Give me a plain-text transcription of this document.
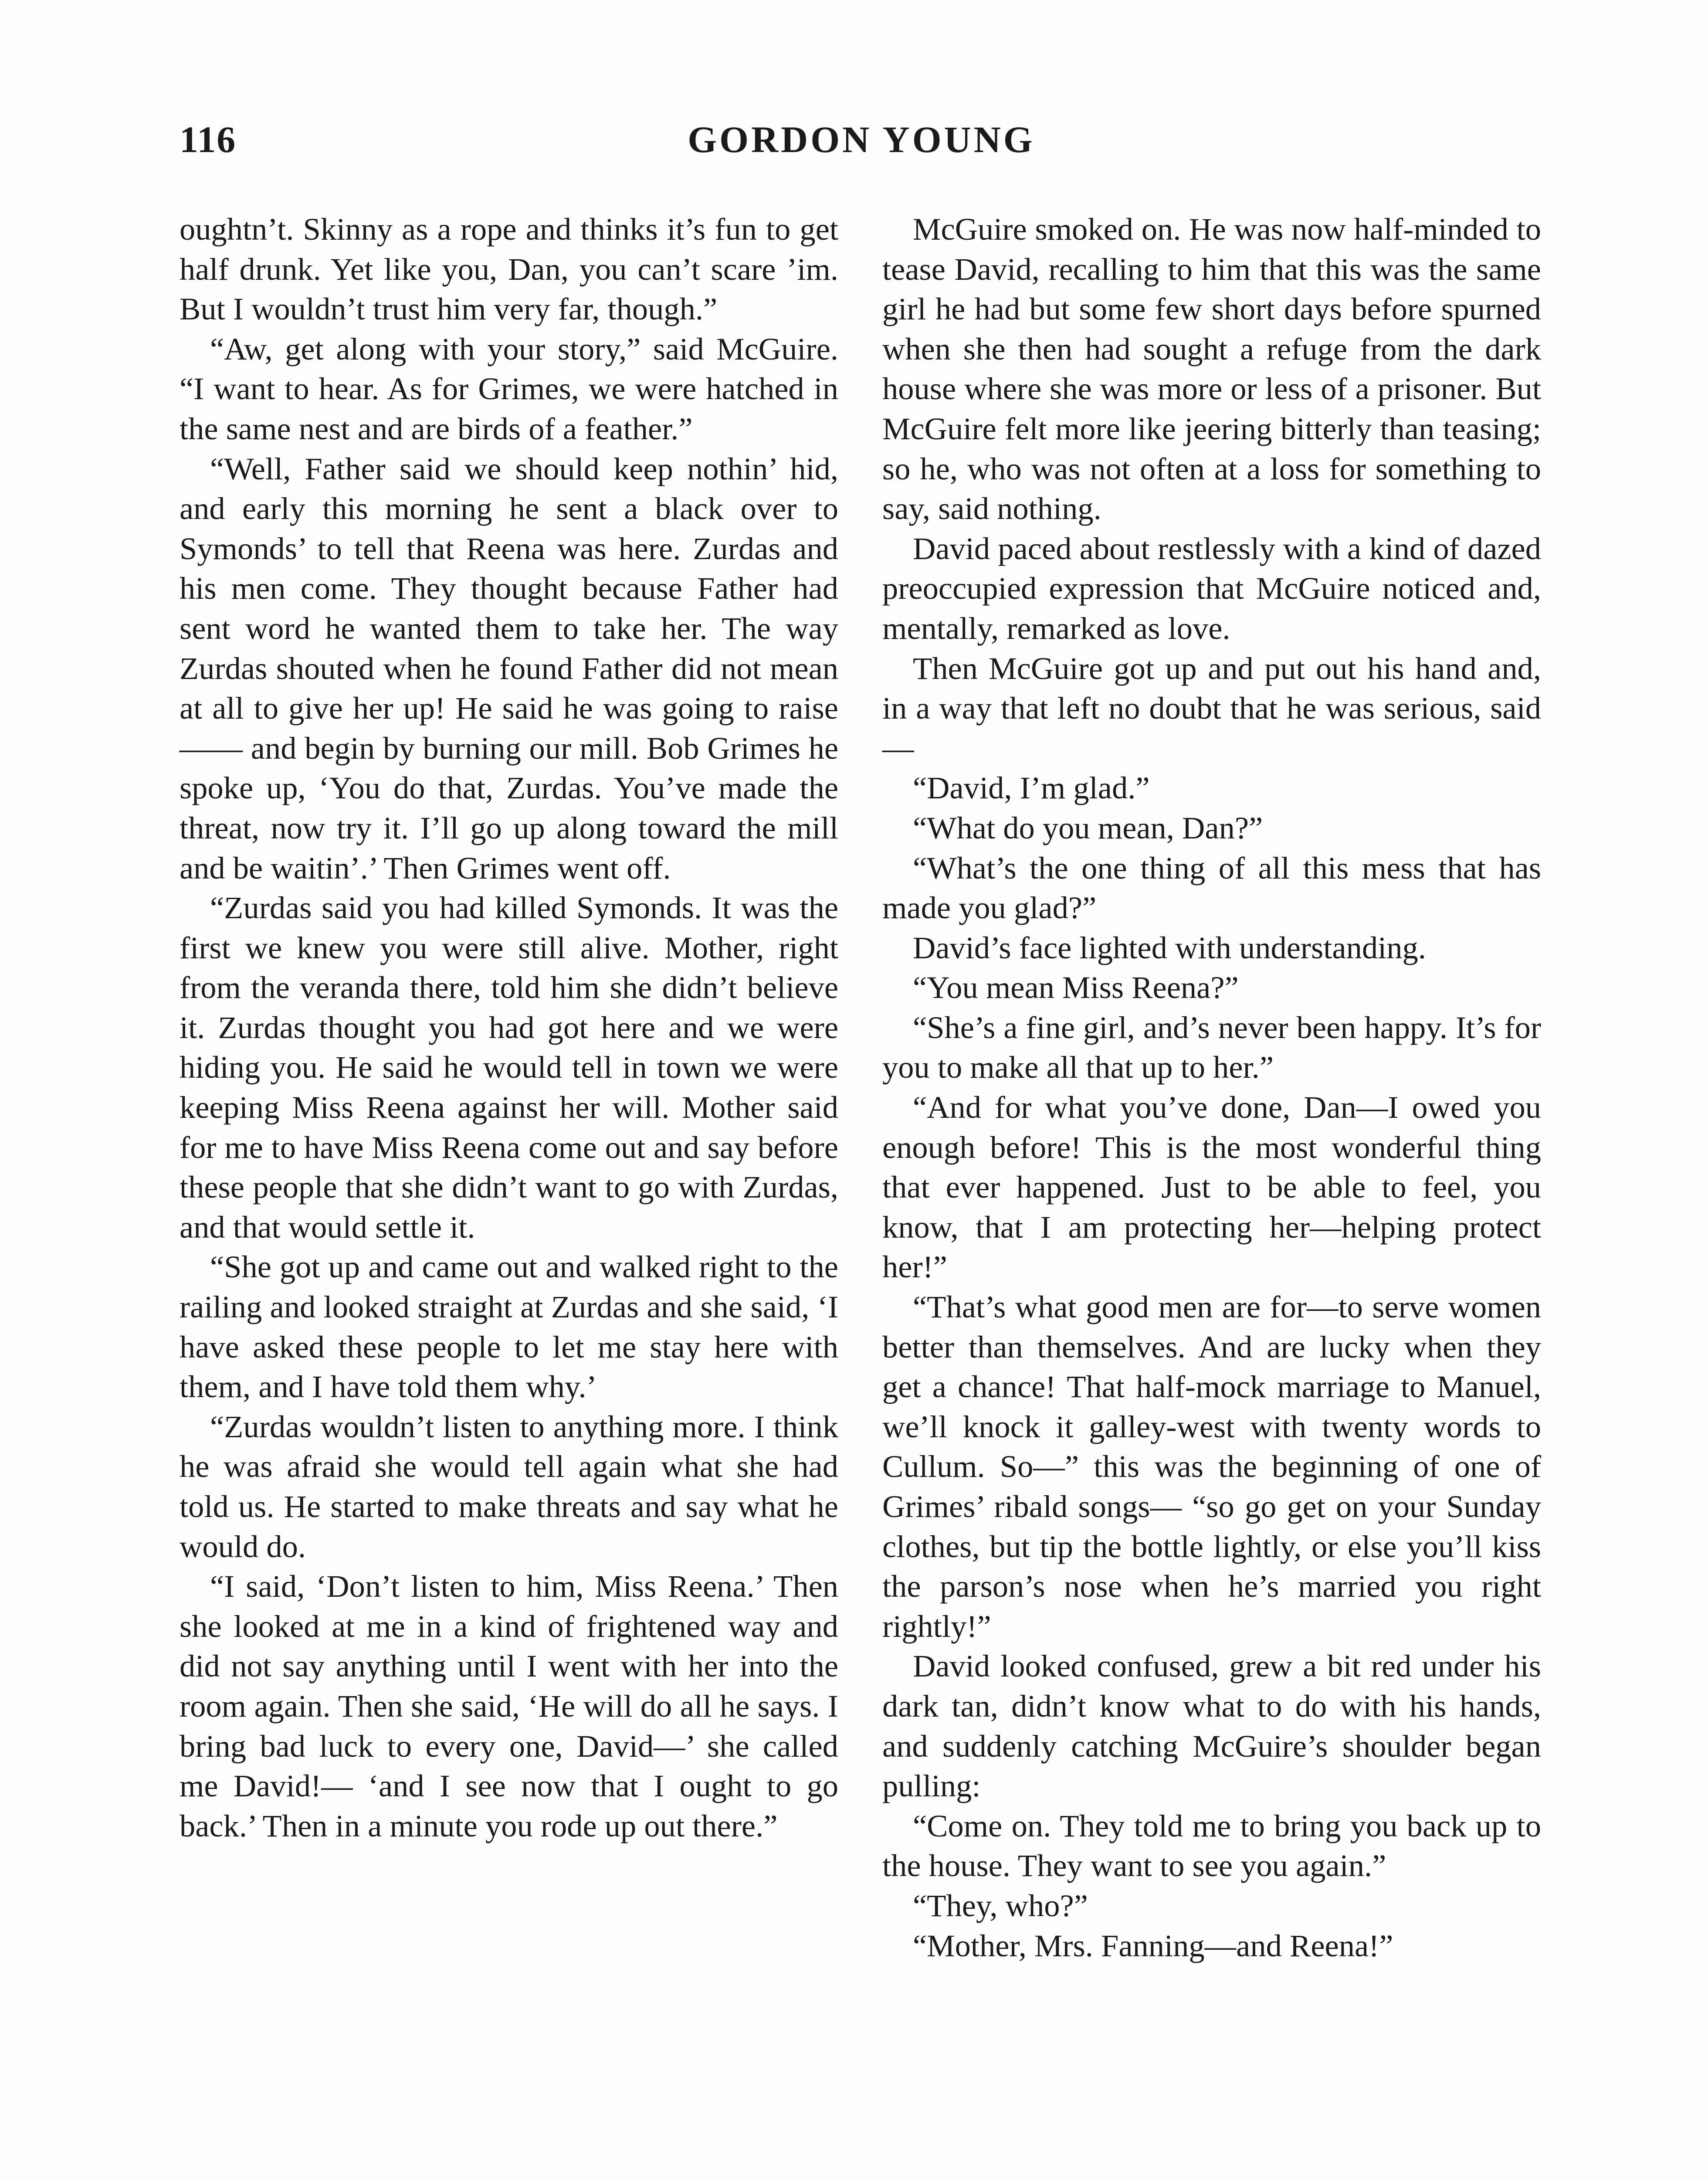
116	GORDON YOUNG

oughtn’t. Skinny as a rope and thinks it’s fun to get half drunk. Yet like you, Dan, you can’t scare ’im. But I wouldn’t trust him very far, though.”

“Aw, get along with your story,” said McGuire. “I want to hear. As for Grimes, we were hatched in the same nest and are birds of a feather.”

“Well, Father said we should keep nothin’ hid, and early this morning he sent a black over to Symonds’ to tell that Reena was here. Zurdas and his men come. They thought because Father had sent word he wanted them to take her. The way Zurdas shouted when he found Father did not mean at all to give her up! He said he was going to raise —— and begin by burning our mill. Bob Grimes he spoke up, ‘You do that, Zurdas. You’ve made the threat, now try it. I’ll go up along toward the mill and be waitin’.’ Then Grimes went off.

“Zurdas said you had killed Symonds. It was the first we knew you were still alive. Mother, right from the veranda there, told him she didn’t believe it. Zurdas thought you had got here and we were hiding you. He said he would tell in town we were keeping Miss Reena against her will. Mother said for me to have Miss Reena come out and say before these people that she didn’t want to go with Zurdas, and that would settle it.

“She got up and came out and walked right to the railing and looked straight at Zurdas and she said, ‘I have asked these people to let me stay here with them, and I have told them why.’

“Zurdas wouldn’t listen to anything more. I think he was afraid she would tell again what she had told us. He started to make threats and say what he would do.

“I said, ‘Don’t listen to him, Miss Reena.’ Then she looked at me in a kind of frightened way and did not say anything until I went with her into the room again. Then she said, ‘He will do all he says. I bring bad luck to every one, David—’ she called me David!— ‘and I see now that I ought to go back.’ Then in a minute you rode up out there.”

McGuire smoked on. He was now half-minded to tease David, recalling to him that this was the same girl he had but some few short days before spurned when she then had sought a refuge from the dark house where she was more or less of a prisoner. But McGuire felt more like jeering bitterly than teasing; so he, who was not often at a loss for something to say, said nothing.

David paced about restlessly with a kind of dazed preoccupied expression that McGuire noticed and, mentally, remarked as love.

Then McGuire got up and put out his hand and, in a way that left no doubt that he was serious, said—

“David, I’m glad.”

“What do you mean, Dan?”

“What’s the one thing of all this mess that has made you glad?”

David’s face lighted with understanding.

“You mean Miss Reena?”

“She’s a fine girl, and’s never been happy. It’s for you to make all that up to her.”

“And for what you’ve done, Dan—I owed you enough before! This is the most wonderful thing that ever happened. Just to be able to feel, you know, that I am protecting her—helping protect her!”

“That’s what good men are for—to serve women better than themselves. And are lucky when they get a chance! That half-mock marriage to Manuel, we’ll knock it galley-west with twenty words to Cullum. So—” this was the beginning of one of Grimes’ ribald songs— “so go get on your Sunday clothes, but tip the bottle lightly, or else you’ll kiss the parson’s nose when he’s married you right rightly!”

David looked confused, grew a bit red under his dark tan, didn’t know what to do with his hands, and suddenly catching McGuire’s shoulder began pulling:

“Come on. They told me to bring you back up to the house. They want to see you again.”

“They, who?”

“Mother, Mrs. Fanning—and Reena!”
